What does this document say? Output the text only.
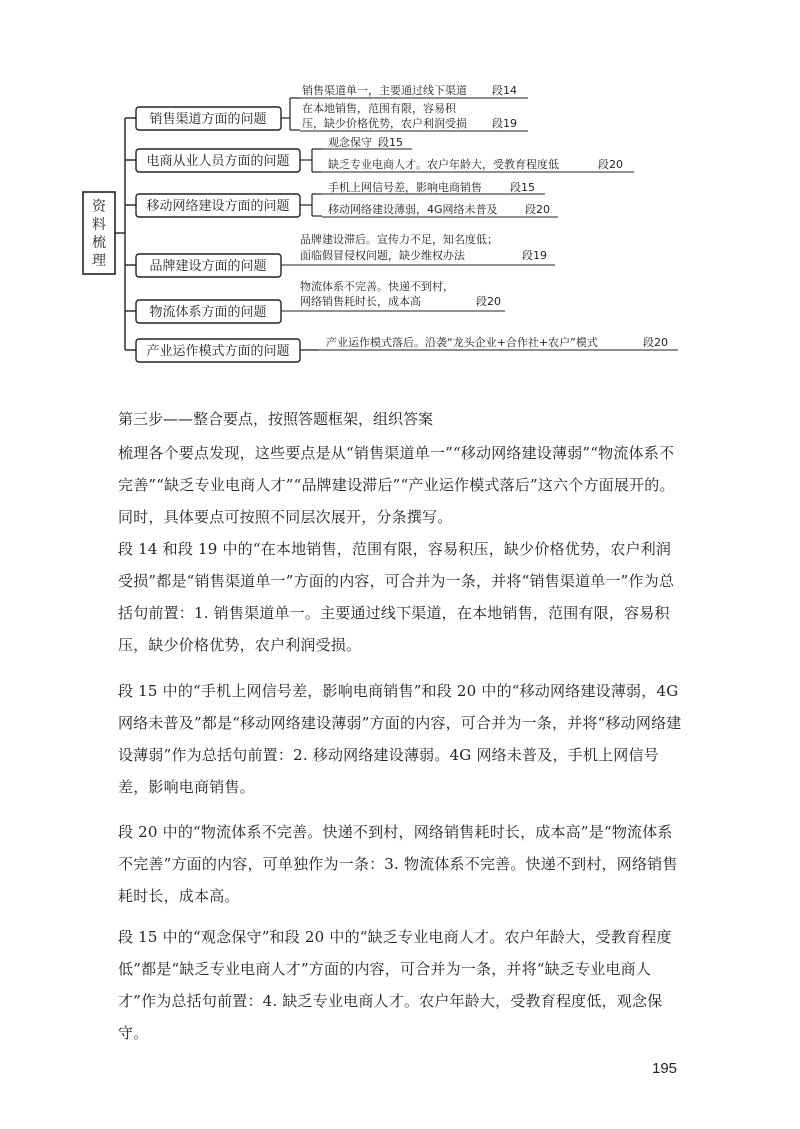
资
料
梳
理
销售渠道方面的问题
销售渠道单一，主要通过线下渠道 段14
在本地销售，范围有限，容易积
压，缺少价格优势，农户利润受损 段19
电商从业人员方面的问题
观念保守 段15
缺乏专业电商人才。农户年龄大，受教育程度低	段20
移动网络建设方面的问题
手机上网信号差，影响电商销售	段15
移动网络建设薄弱，4G网络未普及 段20
品牌建设方面的问题
品牌建设滞后。宣传力不足，知名度低；
面临假冒侵权问题，缺少维权办法	段19
物流体系方面的问题
物流体系不完善。快递不到村，
网络销售耗时长，成本高	段20
产业运作模式方面的问题
产业运作模式落后。沿袭“龙头企业+合作社+农户”模式	段20
第三步——整合要点，按照答题框架，组织答案

梳理各个要点发现，这些要点是从“销售渠道单一”“移动网络建设薄弱”“物流体系不完善”“缺乏专业电商人才”“品牌建设滞后”“产业运作模式落后”这六个方面展开的。同时，具体要点可按照不同层次展开，分条撰写。

段 14 和段 19 中的“在本地销售，范围有限，容易积压，缺少价格优势，农户利润受损”都是“销售渠道单一”方面的内容，可合并为一条，并将“销售渠道单一”作为总括句前置：1. 销售渠道单一。主要通过线下渠道，在本地销售，范围有限，容易积压，缺少价格优势，农户利润受损。

段 15 中的“手机上网信号差，影响电商销售”和段 20 中的“移动网络建设薄弱，4G 网络未普及”都是“移动网络建设薄弱”方面的内容，可合并为一条，并将“移动网络建设薄弱”作为总括句前置：2. 移动网络建设薄弱。4G 网络未普及，手机上网信号差，影响电商销售。

段 20 中的“物流体系不完善。快递不到村，网络销售耗时长，成本高”是“物流体系不完善”方面的内容，可单独作为一条：3. 物流体系不完善。快递不到村，网络销售耗时长，成本高。

段 15 中的“观念保守”和段 20 中的“缺乏专业电商人才。农户年龄大，受教育程度低”都是“缺乏专业电商人才”方面的内容，可合并为一条，并将“缺乏专业电商人才”作为总括句前置：4. 缺乏专业电商人才。农户年龄大，受教育程度低，观念保守。

195
